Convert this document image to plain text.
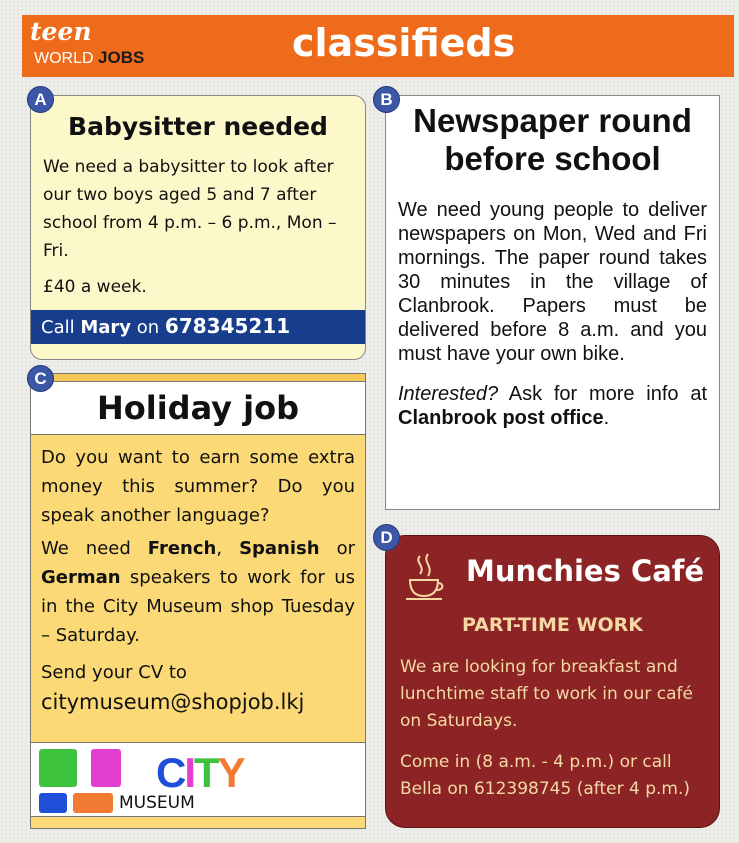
teen
WORLD JOBS	classifieds
A
Babysitter needed
We need a babysitter to look after our two boys aged 5 and 7 after school from 4 p.m. – 6 p.m., Mon – Fri.
£40 a week.
Call Mary on 678345211
B
Newspaper round before school
We need young people to deliver newspapers on Mon, Wed and Fri mornings. The paper round takes 30 minutes in the village of Clanbrook. Papers must be delivered before 8 a.m. and you must have your own bike.
Interested? Ask for more info at Clanbrook post office.
C
Holiday job
Do you want to earn some extra money this summer? Do you speak another language?
We need French, Spanish or German speakers to work for us in the City Museum shop Tuesday – Saturday.
Send your CV to
citymuseum@shopjob.lkj
CITY
MUSEUM
D
Munchies Café
PART-TIME WORK
We are looking for breakfast and lunchtime staff to work in our café on Saturdays.
Come in (8 a.m. - 4 p.m.) or call Bella on 612398745 (after 4 p.m.)
